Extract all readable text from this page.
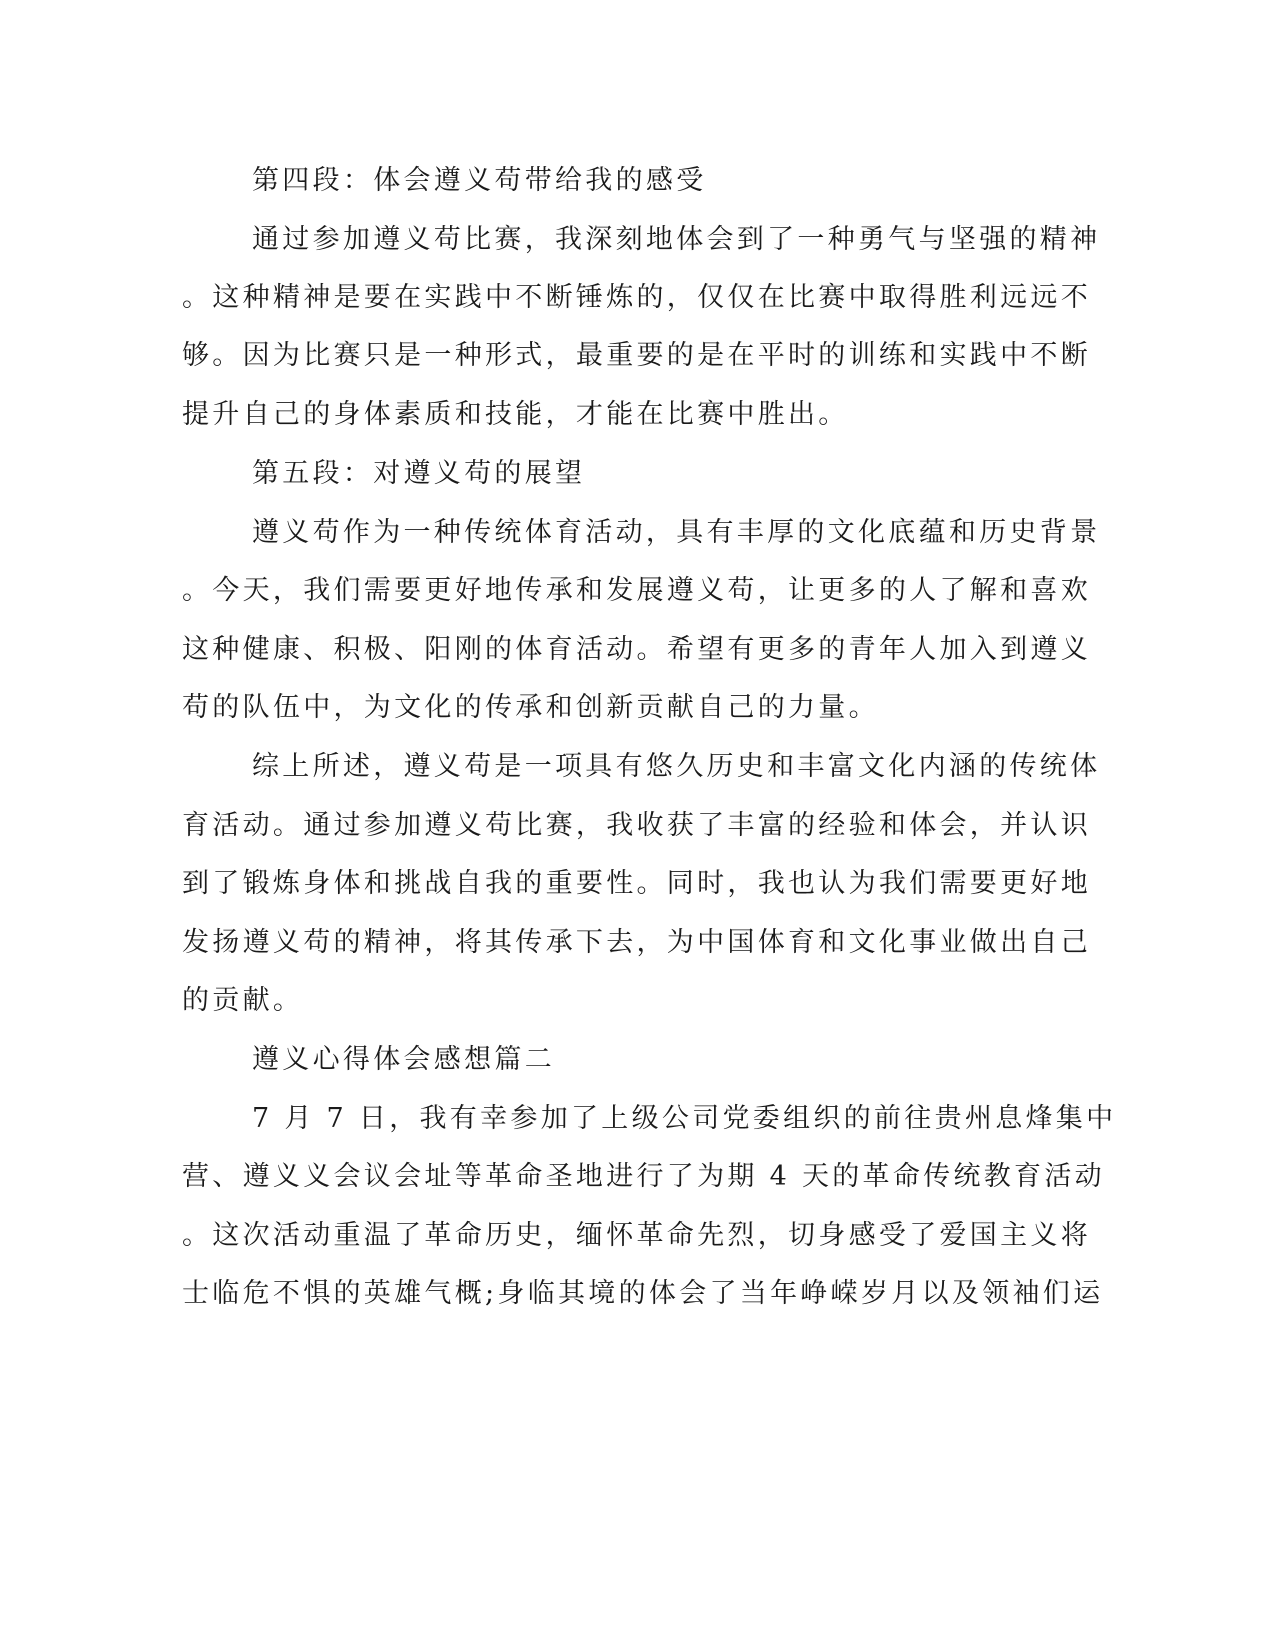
第四段：体会遵义苟带给我的感受
通过参加遵义苟比赛，我深刻地体会到了一种勇气与坚强的精神
。这种精神是要在实践中不断锤炼的，仅仅在比赛中取得胜利远远不
够。因为比赛只是一种形式，最重要的是在平时的训练和实践中不断
提升自己的身体素质和技能，才能在比赛中胜出。
第五段：对遵义苟的展望
遵义苟作为一种传统体育活动，具有丰厚的文化底蕴和历史背景
。今天，我们需要更好地传承和发展遵义苟，让更多的人了解和喜欢
这种健康、积极、阳刚的体育活动。希望有更多的青年人加入到遵义
苟的队伍中，为文化的传承和创新贡献自己的力量。
综上所述，遵义苟是一项具有悠久历史和丰富文化内涵的传统体
育活动。通过参加遵义苟比赛，我收获了丰富的经验和体会，并认识
到了锻炼身体和挑战自我的重要性。同时，我也认为我们需要更好地
发扬遵义苟的精神，将其传承下去，为中国体育和文化事业做出自己
的贡献。
遵义心得体会感想篇二
7 月 7 日，我有幸参加了上级公司党委组织的前往贵州息烽集中
营、遵义义会议会址等革命圣地进行了为期 4 天的革命传统教育活动
。这次活动重温了革命历史，缅怀革命先烈，切身感受了爱国主义将
士临危不惧的英雄气概;身临其境的体会了当年峥嵘岁月以及领袖们运
